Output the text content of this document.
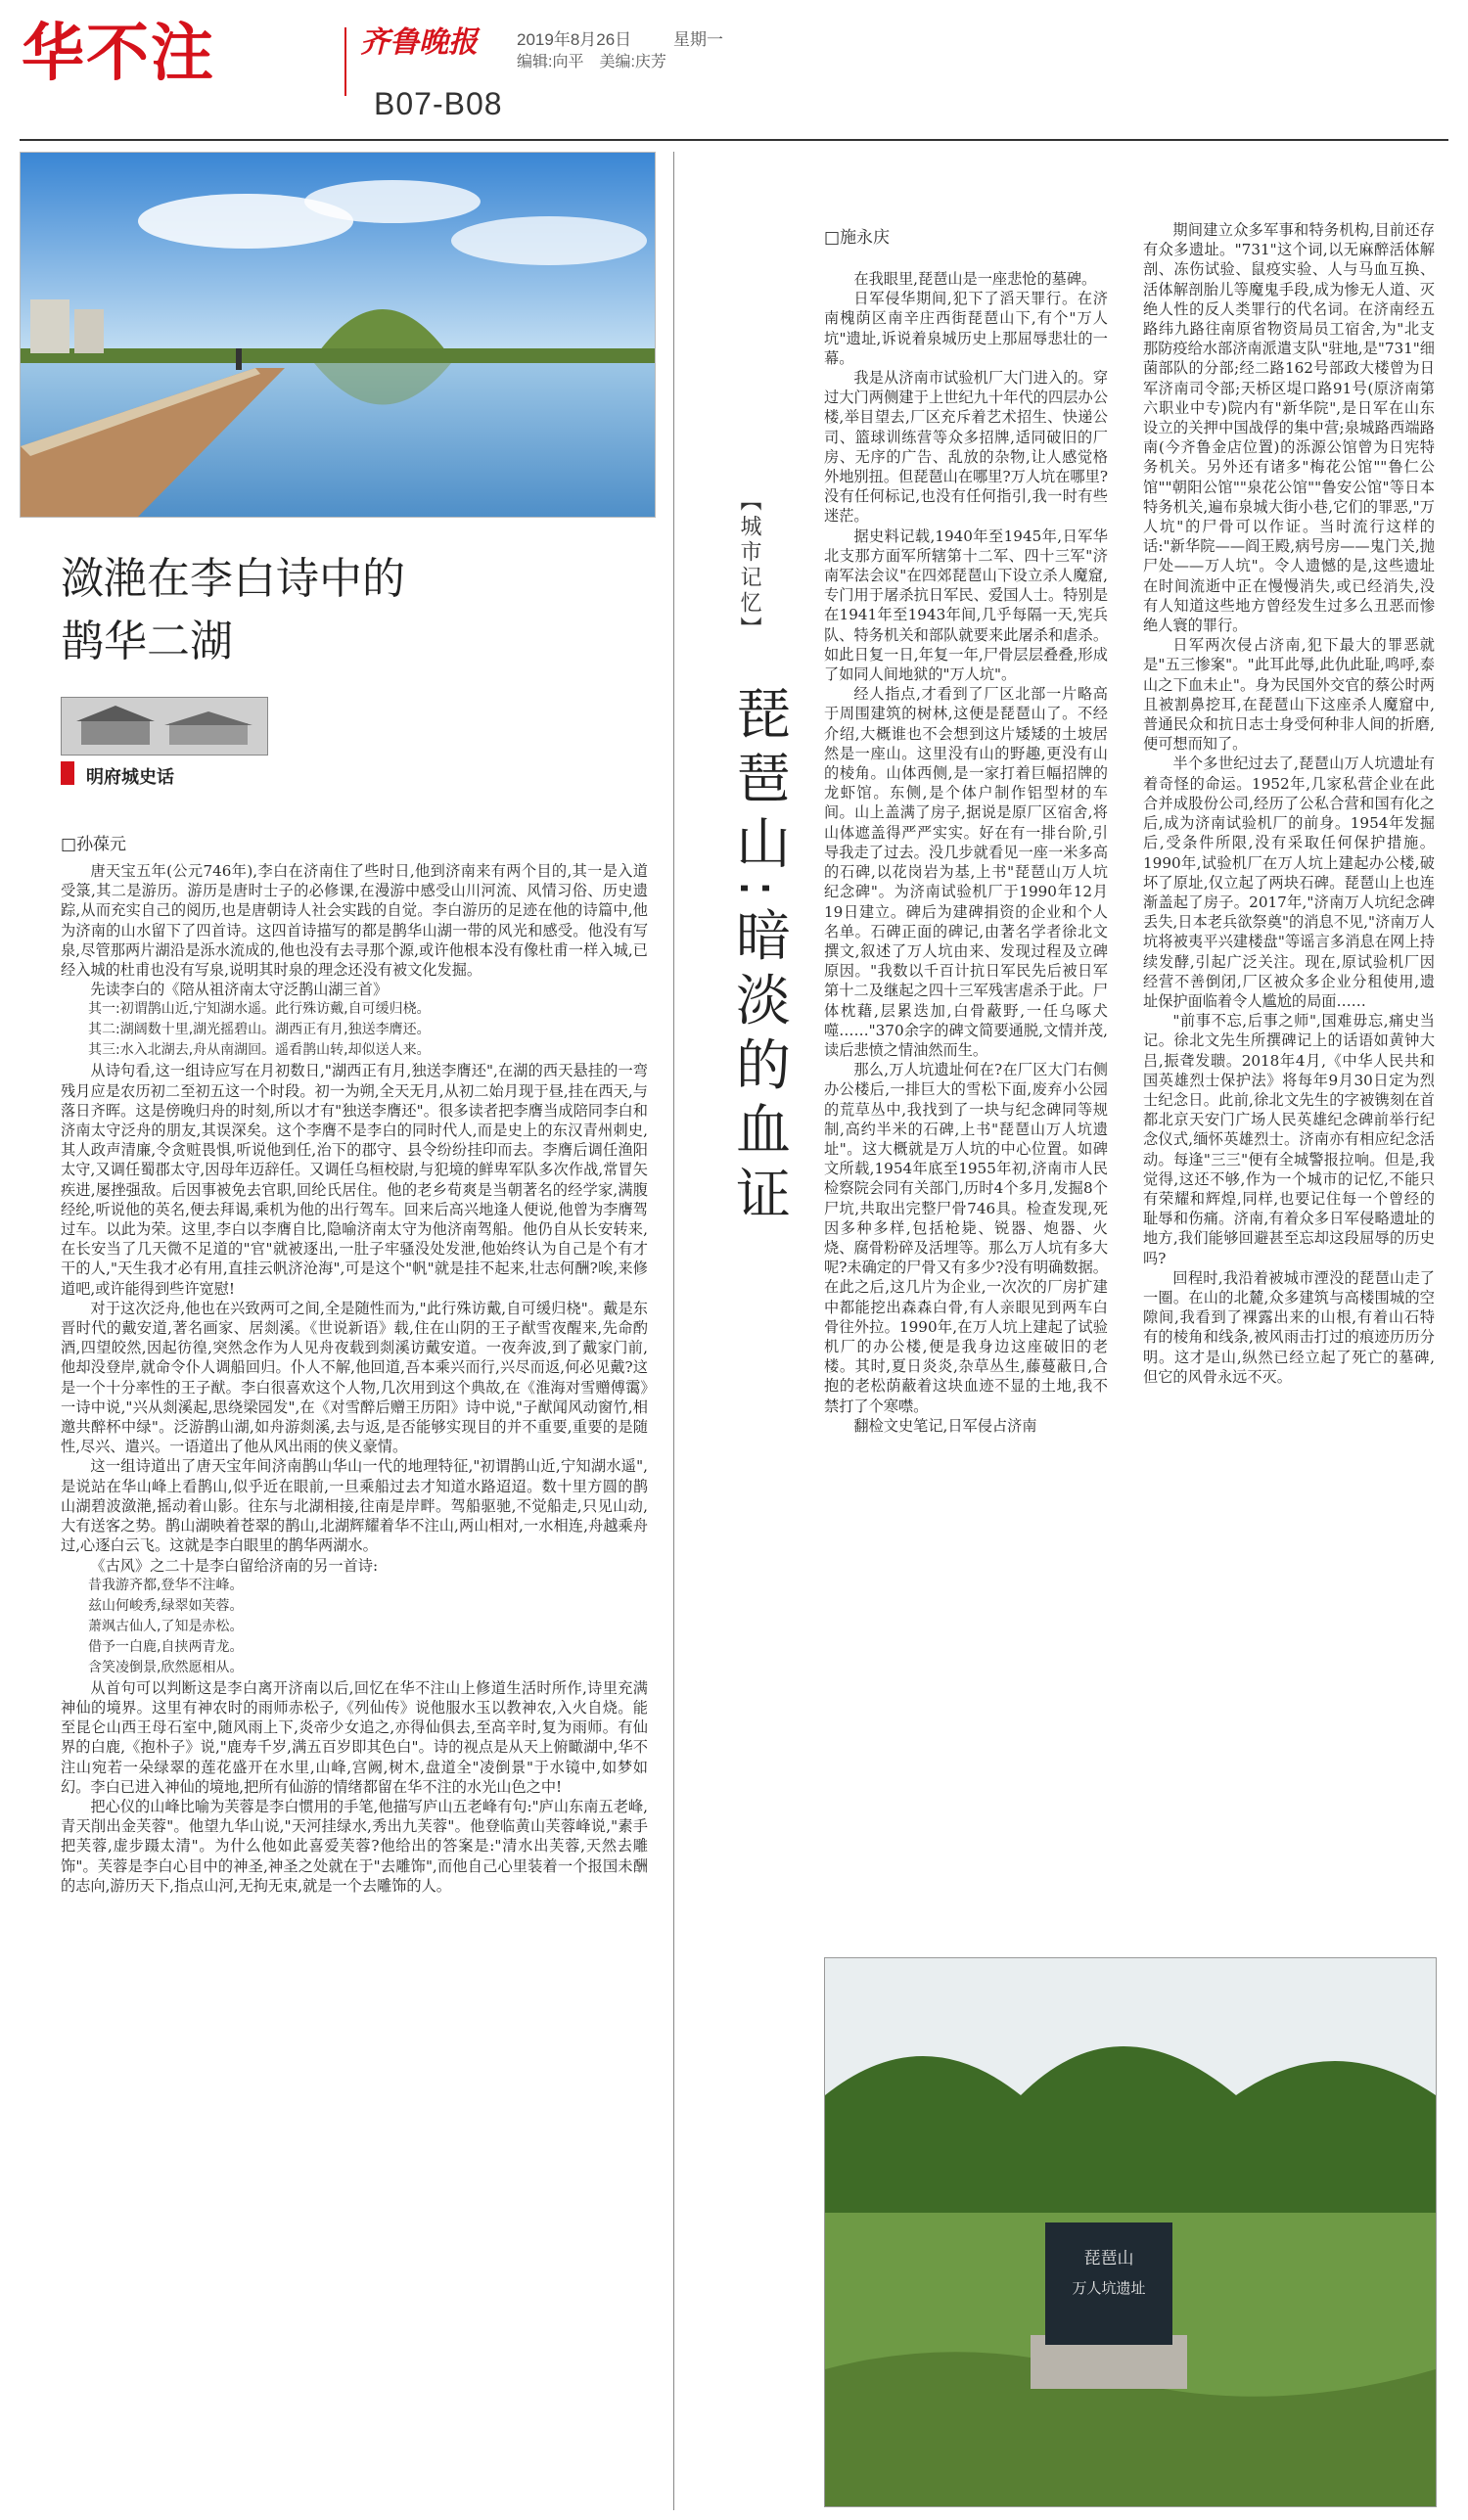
华不注	齐鲁晚报 2019年8月26日	星期一
编辑:向平　美编:庆芳
B07-B08
潋滟在李白诗中的
鹊华二湖
明府城史话
□孙葆元

唐天宝五年(公元746年),李白在济南住了些时日,他到济南来有两个目的,其一是入道受箓,其二是游历。游历是唐时士子的必修课,在漫游中感受山川河流、风情习俗、历史遗踪,从而充实自己的阅历,也是唐朝诗人社会实践的自觉。李白游历的足迹在他的诗篇中,他为济南的山水留下了四首诗。这四首诗描写的都是鹊华山湖一带的风光和感受。他没有写泉,尽管那两片湖沿是泺水流成的,他也没有去寻那个源,或许他根本没有像杜甫一样入城,已经入城的杜甫也没有写泉,说明其时泉的理念还没有被文化发掘。

先读李白的《陪从祖济南太守泛鹊山湖三首》

其一:初谓鹊山近,宁知湖水遥。此行殊访戴,自可缓归桡。
其二:湖阔数十里,湖光摇碧山。湖西正有月,独送李膺还。
其三:水入北湖去,舟从南湖回。遥看鹊山转,却似送人来。

从诗句看,这一组诗应写在月初数日,"湖西正有月,独送李膺还",在湖的西天悬挂的一弯残月应是农历初二至初五这一个时段。初一为朔,全天无月,从初二始月现于昼,挂在西天,与落日齐晖。这是傍晚归舟的时刻,所以才有"独送李膺还"。很多读者把李膺当成陪同李白和济南太守泛舟的朋友,其误深矣。这个李膺不是李白的同时代人,而是史上的东汉青州刺史,其人政声清廉,令贪赃畏惧,听说他到任,治下的郡守、县令纷纷挂印而去。李膺后调任渔阳太守,又调任蜀郡太守,因母年迈辞任。又调任乌桓校尉,与犯境的鲜卑军队多次作战,常冒矢疾进,屡挫强敌。后因事被免去官职,回纶氏居住。他的老乡荀爽是当朝著名的经学家,满腹经纶,听说他的英名,便去拜谒,乘机为他的出行驾车。回来后高兴地逢人便说,他曾为李膺驾过车。以此为荣。这里,李白以李膺自比,隐喻济南太守为他济南驾船。他仍自从长安转来,在长安当了几天微不足道的"官"就被逐出,一肚子牢骚没处发泄,他始终认为自己是个有才干的人,"天生我才必有用,直挂云帆济沧海",可是这个"帆"就是挂不起来,壮志何酬?唉,来修道吧,或许能得到些许宽慰!

对于这次泛舟,他也在兴致两可之间,全是随性而为,"此行殊访戴,自可缓归桡"。戴是东晋时代的戴安道,著名画家、居剡溪。《世说新语》载,住在山阴的王子猷雪夜醒来,先命酌酒,四望皎然,因起彷徨,突然念作为人见舟夜载到剡溪访戴安道。一夜奔波,到了戴家门前,他却没登岸,就命令仆人调船回归。仆人不解,他回道,吾本乘兴而行,兴尽而返,何必见戴?这是一个十分率性的王子猷。李白很喜欢这个人物,几次用到这个典故,在《淮海对雪赠傅霭》一诗中说,"兴从剡溪起,思绕梁园发",在《对雪醉后赠王历阳》诗中说,"子猷闻风动窗竹,相邀共醉杯中绿"。泛游鹊山湖,如舟游剡溪,去与返,是否能够实现目的并不重要,重要的是随性,尽兴、遣兴。一语道出了他从风出雨的侠义豪情。

这一组诗道出了唐天宝年间济南鹊山华山一代的地理特征,"初谓鹊山近,宁知湖水遥",是说站在华山峰上看鹊山,似乎近在眼前,一旦乘船过去才知道水路迢迢。数十里方圆的鹊山湖碧波潋滟,摇动着山影。往东与北湖相接,往南是岸畔。驾船驱驰,不觉船走,只见山动,大有送客之势。鹊山湖映着苍翠的鹊山,北湖辉耀着华不注山,两山相对,一水相连,舟越乘舟过,心逐白云飞。这就是李白眼里的鹊华两湖水。

《古风》之二十是李白留给济南的另一首诗:

昔我游齐都,登华不注峰。
兹山何峻秀,绿翠如芙蓉。
萧飒古仙人,了知是赤松。
借予一白鹿,自挟两青龙。
含笑凌倒景,欣然愿相从。

从首句可以判断这是李白离开济南以后,回忆在华不注山上修道生活时所作,诗里充满神仙的境界。这里有神农时的雨师赤松子,《列仙传》说他服水玉以教神农,入火自烧。能至昆仑山西王母石室中,随风雨上下,炎帝少女追之,亦得仙俱去,至高辛时,复为雨师。有仙界的白鹿,《抱朴子》说,"鹿寿千岁,满五百岁即其色白"。诗的视点是从天上俯瞰湖中,华不注山宛若一朵绿翠的莲花盛开在水里,山峰,宫阙,树木,盘道全"凌倒景"于水镜中,如梦如幻。李白已进入神仙的境地,把所有仙游的情绪都留在华不注的水光山色之中!

把心仪的山峰比喻为芙蓉是李白惯用的手笔,他描写庐山五老峰有句:"庐山东南五老峰,青天削出金芙蓉"。他望九华山说,"天河挂绿水,秀出九芙蓉"。他登临黄山芙蓉峰说,"素手把芙蓉,虚步蹑太清"。为什么他如此喜爱芙蓉?他给出的答案是:"清水出芙蓉,天然去雕饰"。芙蓉是李白心目中的神圣,神圣之处就在于"去雕饰",而他自己心里装着一个报国未酬的志向,游历天下,指点山河,无拘无束,就是一个去雕饰的人。

【城市记忆】
琵琶山:暗淡的血证
□施永庆

在我眼里,琵琶山是一座悲怆的墓碑。

日军侵华期间,犯下了滔天罪行。在济南槐荫区南辛庄西街琵琶山下,有个"万人坑"遗址,诉说着泉城历史上那屈辱悲壮的一幕。

我是从济南市试验机厂大门进入的。穿过大门两侧建于上世纪九十年代的四层办公楼,举目望去,厂区充斥着艺术招生、快递公司、篮球训练营等众多招牌,适同破旧的厂房、无序的广告、乱放的杂物,让人感觉格外地别扭。但琵琶山在哪里?万人坑在哪里?没有任何标记,也没有任何指引,我一时有些迷茫。

据史料记载,1940年至1945年,日军华北支那方面军所辖第十二军、四十三军"济南军法会议"在四郊琵琶山下设立杀人魔窟,专门用于屠杀抗日军民、爱国人士。特别是在1941年至1943年间,几乎每隔一天,宪兵队、特务机关和部队就要来此屠杀和虐杀。如此日复一日,年复一年,尸骨层层叠叠,形成了如同人间地狱的"万人坑"。

经人指点,才看到了厂区北部一片略高于周围建筑的树林,这便是琵琶山了。不经介绍,大概谁也不会想到这片矮矮的土坡居然是一座山。这里没有山的野趣,更没有山的棱角。山体西侧,是一家打着巨幅招牌的龙虾馆。东侧,是个体户制作铝型材的车间。山上盖满了房子,据说是原厂区宿舍,将山体遮盖得严严实实。好在有一排台阶,引导我走了过去。没几步就看见一座一米多高的石碑,以花岗岩为基,上书"琵琶山万人坑纪念碑"。为济南试验机厂于1990年12月19日建立。碑后为建碑捐资的企业和个人名单。石碑正面的碑记,由著名学者徐北文撰文,叙述了万人坑由来、发现过程及立碑原因。"我数以千百计抗日军民先后被日军第十二及继起之四十三军残害虐杀于此。尸体枕藉,层累迭加,白骨蔽野,一任乌啄犬噬……"370余字的碑文简要通脱,文情并茂,读后悲愤之情油然而生。

那么,万人坑遗址何在?在厂区大门右侧办公楼后,一排巨大的雪松下面,废弃小公园的荒草丛中,我找到了一块与纪念碑同等规制,高约半米的石碑,上书"琵琶山万人坑遗址"。这大概就是万人坑的中心位置。如碑文所载,1954年底至1955年初,济南市人民检察院会同有关部门,历时4个多月,发掘8个尸坑,共取出完整尸骨746具。检查发现,死因多种多样,包括枪毙、锐器、炮器、火烧、腐骨粉碎及活埋等。那么万人坑有多大呢?未确定的尸骨又有多少?没有明确数据。在此之后,这几片为企业,一次次的厂房扩建中都能挖出森森白骨,有人亲眼见到两车白骨往外拉。1990年,在万人坑上建起了试验机厂的办公楼,便是我身边这座破旧的老楼。其时,夏日炎炎,杂草丛生,藤蔓蔽日,合抱的老松荫蔽着这块血迹不显的土地,我不禁打了个寒噤。

翻检文史笔记,日军侵占济南

期间建立众多军事和特务机构,目前还存有众多遗址。"731"这个词,以无麻醉活体解剖、冻伤试验、鼠疫实验、人与马血互换、活体解剖胎儿等魔鬼手段,成为惨无人道、灭绝人性的反人类罪行的代名词。在济南经五路纬九路往南原省物资局员工宿舍,为"北支那防疫给水部济南派遣支队"驻地,是"731"细菌部队的分部;经二路162号部政大楼曾为日军济南司令部;天桥区堤口路91号(原济南第六职业中专)院内有"新华院",是日军在山东设立的关押中国战俘的集中营;泉城路西端路南(今齐鲁金店位置)的泺源公馆曾为日宪特务机关。另外还有诸多"梅花公馆""鲁仁公馆""朝阳公馆""泉花公馆""鲁安公馆"等日本特务机关,遍布泉城大街小巷,它们的罪恶,"万人坑"的尸骨可以作证。当时流行这样的话:"新华院——阎王殿,病号房——鬼门关,抛尸处——万人坑"。令人遗憾的是,这些遗址在时间流逝中正在慢慢消失,或已经消失,没有人知道这些地方曾经发生过多么丑恶而惨绝人寰的罪行。

日军两次侵占济南,犯下最大的罪恶就是"五三惨案"。"此耳此辱,此仇此耻,鸣呼,泰山之下血未止"。身为民国外交官的蔡公时两且被割鼻挖耳,在琵琶山下这座杀人魔窟中,普通民众和抗日志士身受何种非人间的折磨,便可想而知了。

半个多世纪过去了,琵琶山万人坑遗址有着奇怪的命运。1952年,几家私营企业在此合并成股份公司,经历了公私合营和国有化之后,成为济南试验机厂的前身。1954年发掘后,受条件所限,没有采取任何保护措施。1990年,试验机厂在万人坑上建起办公楼,破坏了原址,仅立起了两块石碑。琵琶山上也连渐盖起了房子。2017年,"济南万人坑纪念碑丢失,日本老兵欲祭奠"的消息不见,"济南万人坑将被夷平兴建楼盘"等谣言多消息在网上持续发酵,引起广泛关注。现在,原试验机厂因经营不善倒闭,厂区被众多企业分租使用,遗址保护面临着令人尴尬的局面……

"前事不忘,后事之师",国难毋忘,痛史当记。徐北文先生所撰碑记上的话语如黄钟大吕,振聋发聩。2018年4月,《中华人民共和国英雄烈士保护法》将每年9月30日定为烈士纪念日。此前,徐北文先生的字被镌刻在首都北京天安门广场人民英雄纪念碑前举行纪念仪式,缅怀英雄烈士。济南亦有相应纪念活动。每逢"三三"便有全城警报拉响。但是,我觉得,这还不够,作为一个城市的记忆,不能只有荣耀和辉煌,同样,也要记住每一个曾经的耻辱和伤痛。济南,有着众多日军侵略遗址的地方,我们能够回避甚至忘却这段屈辱的历史吗?

回程时,我沿着被城市湮没的琵琶山走了一圈。在山的北麓,众多建筑与高楼围城的空隙间,我看到了裸露出来的山根,有着山石特有的棱角和线条,被风雨击打过的痕迹历历分明。这才是山,纵然已经立起了死亡的墓碑,但它的风骨永远不灭。

琵琶山
万人坑遗址
